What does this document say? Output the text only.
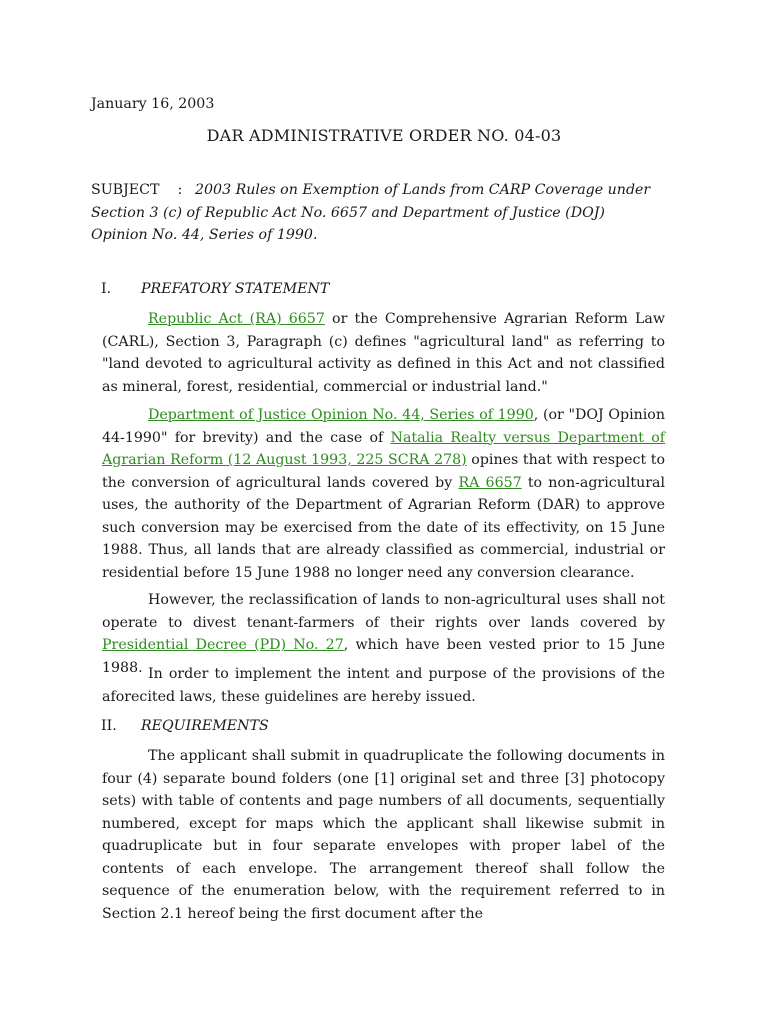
January 16, 2003

DAR ADMINISTRATIVE ORDER NO. 04-03

SUBJECT : 2003 Rules on Exemption of Lands from CARP Coverage under Section 3 (c) of Republic Act No. 6657 and Department of Justice (DOJ) Opinion No. 44, Series of 1990.

I. PREFATORY STATEMENT

Republic Act (RA) 6657 or the Comprehensive Agrarian Reform Law (CARL), Section 3, Paragraph (c) defines "agricultural land" as referring to "land devoted to agricultural activity as defined in this Act and not classified as mineral, forest, residential, commercial or industrial land."

Department of Justice Opinion No. 44, Series of 1990, (or "DOJ Opinion 44-1990" for brevity) and the case of Natalia Realty versus Department of Agrarian Reform (12 August 1993, 225 SCRA 278) opines that with respect to the conversion of agricultural lands covered by RA 6657 to non-agricultural uses, the authority of the Department of Agrarian Reform (DAR) to approve such conversion may be exercised from the date of its effectivity, on 15 June 1988. Thus, all lands that are already classified as commercial, industrial or residential before 15 June 1988 no longer need any conversion clearance.

However, the reclassification of lands to non-agricultural uses shall not operate to divest tenant-farmers of their rights over lands covered by Presidential Decree (PD) No. 27, which have been vested prior to 15 June 1988. In order to implement the intent and purpose of the provisions of the aforecited laws, these guidelines are hereby issued.

II. REQUIREMENTS

The applicant shall submit in quadruplicate the following documents in four (4) separate bound folders (one [1] original set and three [3] photocopy sets) with table of contents and page numbers of all documents, sequentially numbered, except for maps which the applicant shall likewise submit in quadruplicate but in four separate envelopes with proper label of the contents of each envelope. The arrangement thereof shall follow the sequence of the enumeration below, with the requirement referred to in Section 2.1 hereof being the first document after the
